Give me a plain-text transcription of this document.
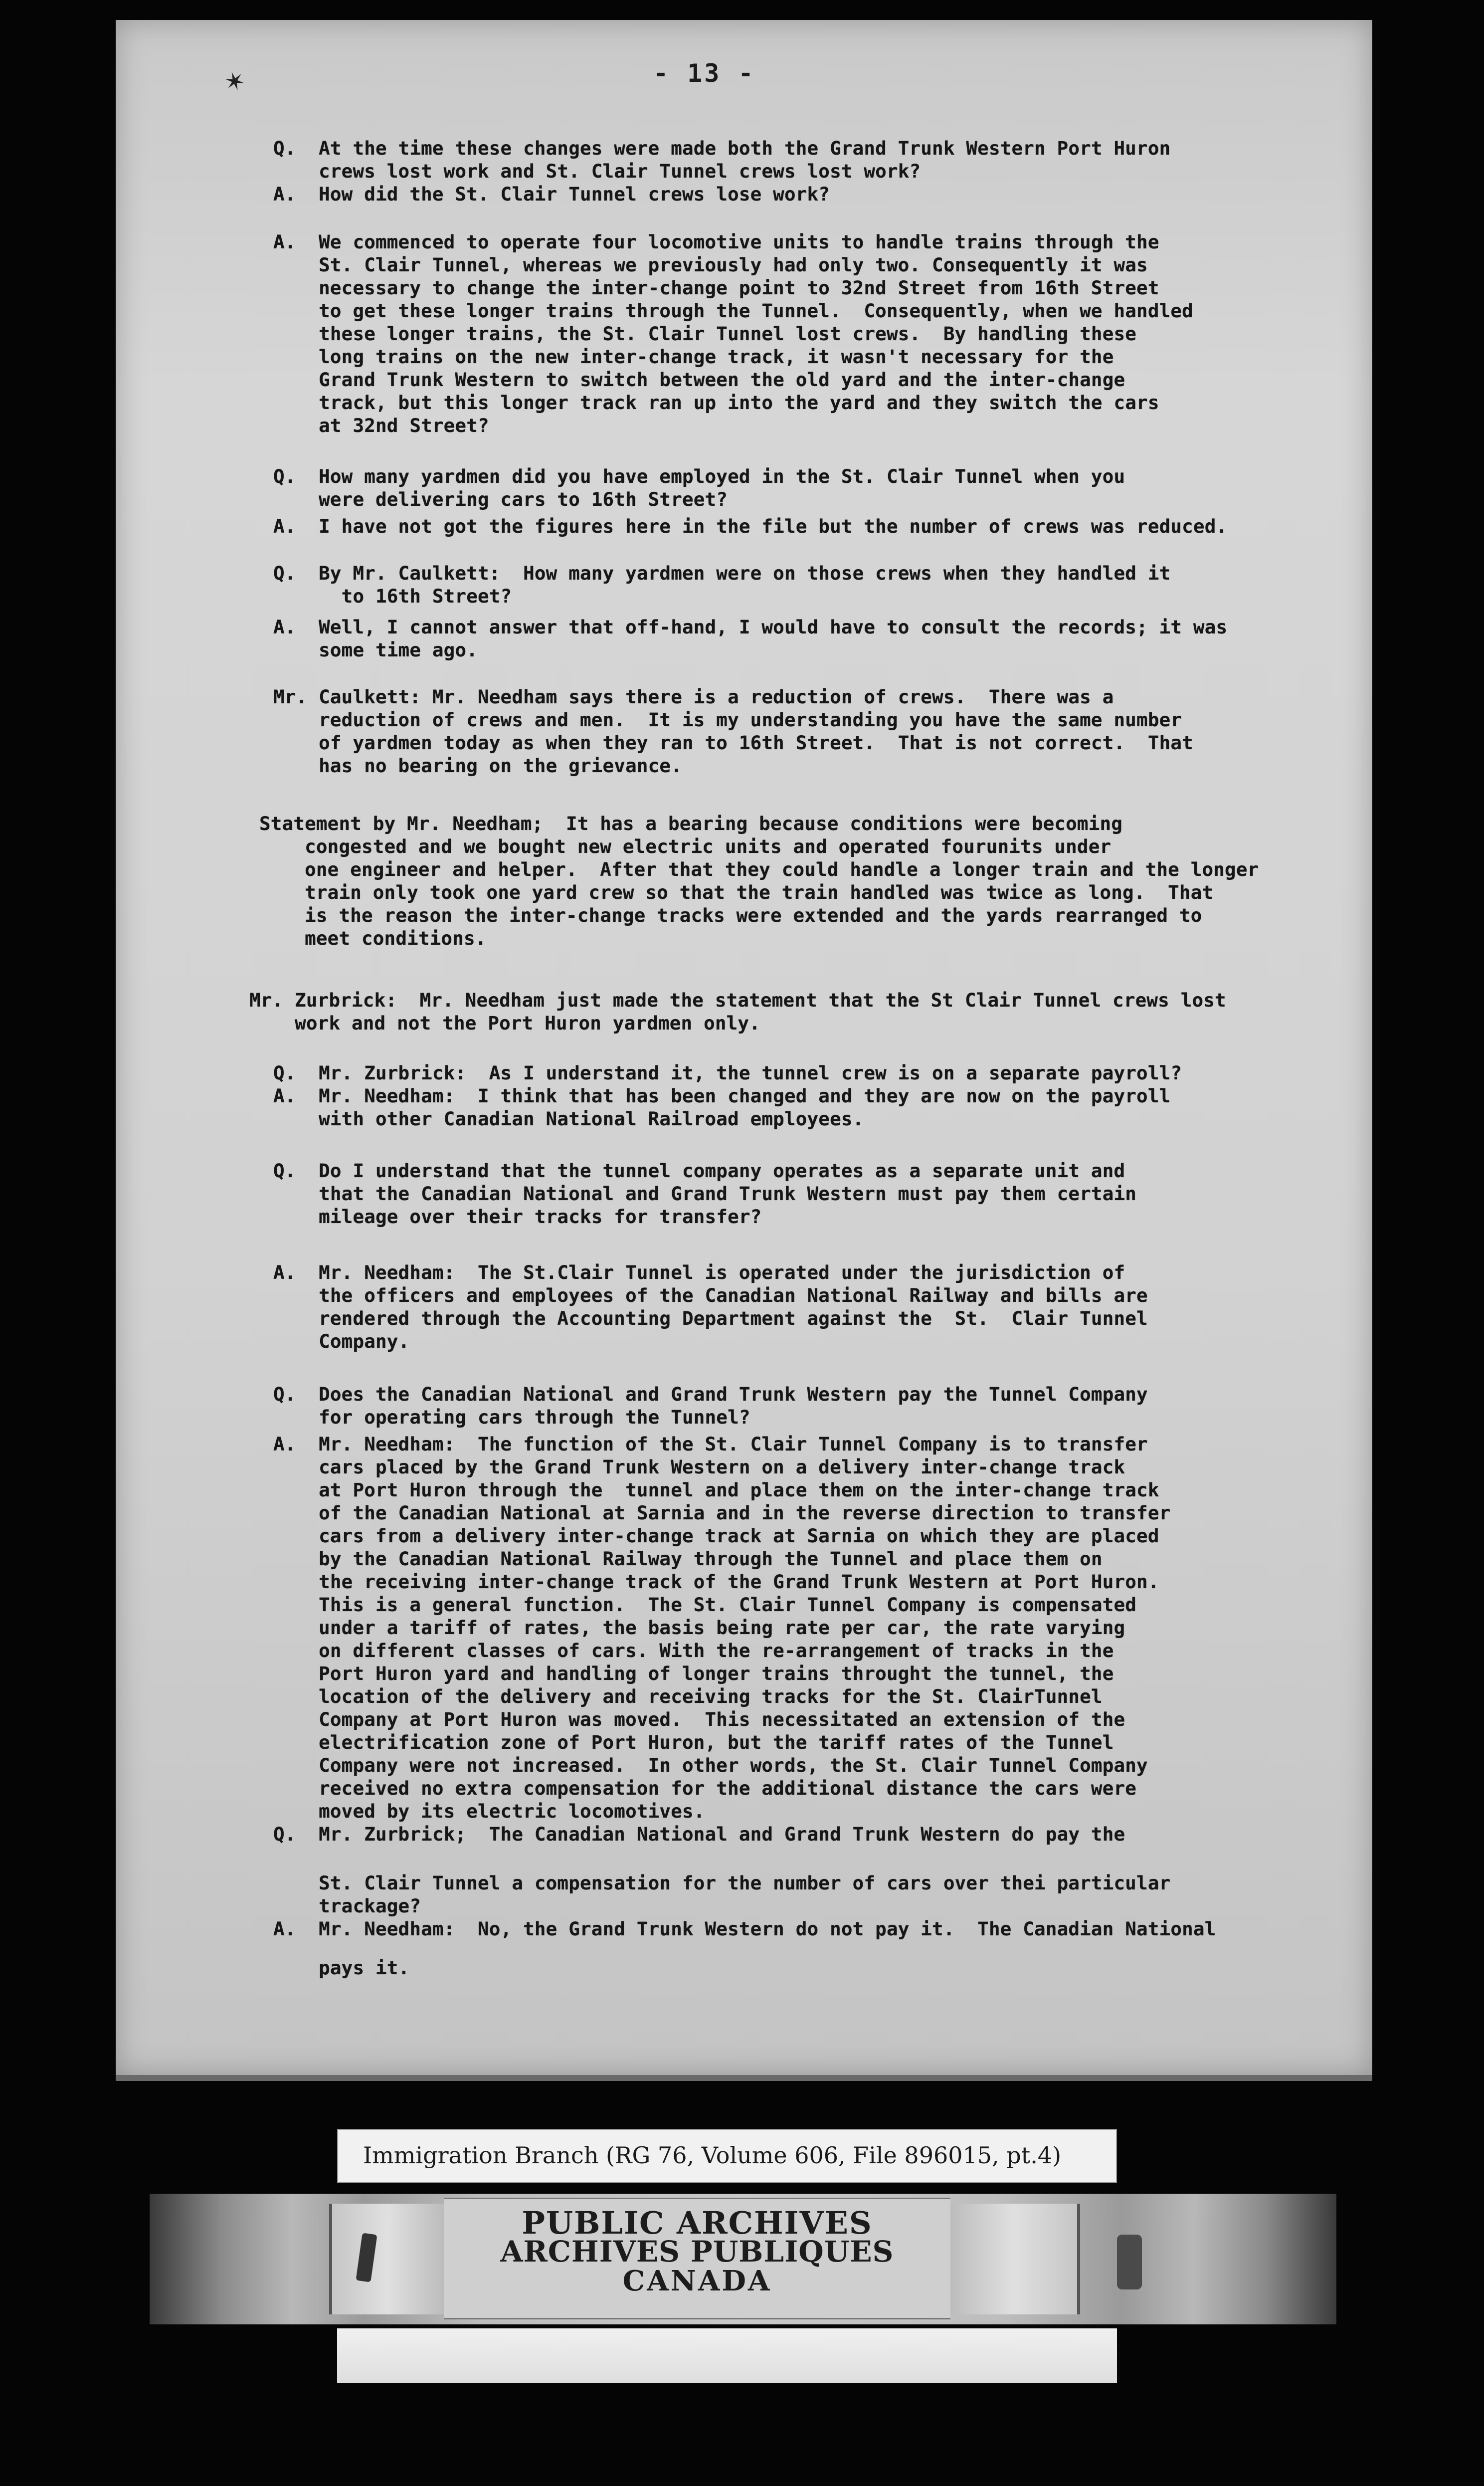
✶	- 13 -
Q.  At the time these changes were made both the Grand Trunk Western Port Huron
crews lost work and St. Clair Tunnel crews lost work?
A.  How did the St. Clair Tunnel crews lose work?
A.  We commenced to operate four locomotive units to handle trains through the
St. Clair Tunnel, whereas we previously had only two. Consequently it was
necessary to change the inter-change point to 32nd Street from 16th Street
to get these longer trains through the Tunnel.  Consequently, when we handled
these longer trains, the St. Clair Tunnel lost crews.  By handling these
long trains on the new inter-change track, it wasn't necessary for the
Grand Trunk Western to switch between the old yard and the inter-change
track, but this longer track ran up into the yard and they switch the cars
at 32nd Street?
Q.  How many yardmen did you have employed in the St. Clair Tunnel when you
were delivering cars to 16th Street?
A.  I have not got the figures here in the file but the number of crews was reduced.
Q.  By Mr. Caulkett:  How many yardmen were on those crews when they handled it
to 16th Street?
A.  Well, I cannot answer that off-hand, I would have to consult the records; it was
some time ago.
Mr. Caulkett: Mr. Needham says there is a reduction of crews.  There was a
reduction of crews and men.  It is my understanding you have the same number
of yardmen today as when they ran to 16th Street.  That is not correct.  That
has no bearing on the grievance.
Statement by Mr. Needham;  It has a bearing because conditions were becoming
congested and we bought new electric units and operated fourunits under
one engineer and helper.  After that they could handle a longer train and the longer
train only took one yard crew so that the train handled was twice as long.  That
is the reason the inter-change tracks were extended and the yards rearranged to
meet conditions.
Mr. Zurbrick:  Mr. Needham just made the statement that the St Clair Tunnel crews lost
work and not the Port Huron yardmen only.
Q.  Mr. Zurbrick:  As I understand it, the tunnel crew is on a separate payroll?
A.  Mr. Needham:  I think that has been changed and they are now on the payroll
with other Canadian National Railroad employees.
Q.  Do I understand that the tunnel company operates as a separate unit and
that the Canadian National and Grand Trunk Western must pay them certain
mileage over their tracks for transfer?
A.  Mr. Needham:  The St.Clair Tunnel is operated under the jurisdiction of
the officers and employees of the Canadian National Railway and bills are
rendered through the Accounting Department against the  St.  Clair Tunnel
Company.
Q.  Does the Canadian National and Grand Trunk Western pay the Tunnel Company
for operating cars through the Tunnel?
A.  Mr. Needham:  The function of the St. Clair Tunnel Company is to transfer
cars placed by the Grand Trunk Western on a delivery inter-change track
at Port Huron through the  tunnel and place them on the inter-change track
of the Canadian National at Sarnia and in the reverse direction to transfer
cars from a delivery inter-change track at Sarnia on which they are placed
by the Canadian National Railway through the Tunnel and place them on
the receiving inter-change track of the Grand Trunk Western at Port Huron.
This is a general function.  The St. Clair Tunnel Company is compensated
under a tariff of rates, the basis being rate per car, the rate varying
on different classes of cars. With the re-arrangement of tracks in the
Port Huron yard and handling of longer trains throught the tunnel, the
location of the delivery and receiving tracks for the St. ClairTunnel
Company at Port Huron was moved.  This necessitated an extension of the
electrification zone of Port Huron, but the tariff rates of the Tunnel
Company were not increased.  In other words, the St. Clair Tunnel Company
received no extra compensation for the additional distance the cars were
moved by its electric locomotives.
Q.  Mr. Zurbrick;  The Canadian National and Grand Trunk Western do pay the
St. Clair Tunnel a compensation for the number of cars over thei particular
trackage?
A.  Mr. Needham:  No, the Grand Trunk Western do not pay it.  The Canadian National
pays it.
Immigration Branch (RG 76, Volume 606, File 896015, pt.4)
PUBLIC ARCHIVES
ARCHIVES PUBLIQUES
CANADA
